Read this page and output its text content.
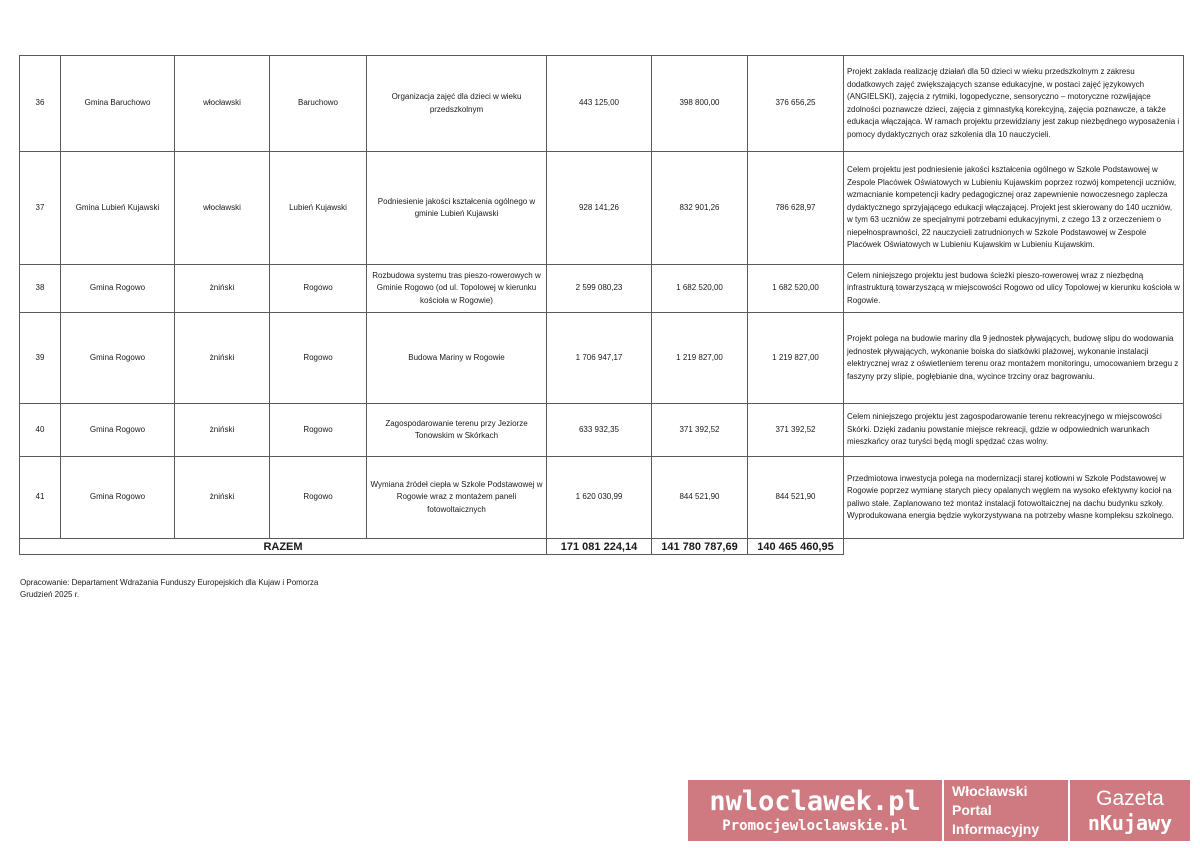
36	Gmina Baruchowo	włocławski	Baruchowo	Organizacja zajęć dla dzieci w wieku przedszkolnym	443 125,00	398 800,00	376 656,25	Projekt zakłada realizację działań dla 50 dzieci w wieku przedszkolnym z zakresu dodatkowych zajęć zwiększających szanse edukacyjne, w postaci zajęć językowych (ANGIELSKI), zajęcia z rytmiki, logopedyczne, sensoryczno – motoryczne rozwijające zdolności poznawcze dzieci, zajęcia z gimnastyką korekcyjną, zajęcia poznawcze, a także edukacja włączająca. W ramach projektu przewidziany jest zakup niezbędnego wyposażenia i pomocy dydaktycznych oraz szkolenia dla 10 nauczycieli.
37	Gmina Lubień Kujawski	włocławski	Lubień Kujawski	Podniesienie jakości kształcenia ogólnego w gminie Lubień Kujawski	928 141,26	832 901,26	786 628,97	Celem projektu jest podniesienie jakości kształcenia ogólnego w Szkole Podstawowej w Zespole Placówek Oświatowych w Lubieniu Kujawskim poprzez rozwój kompetencji uczniów, wzmacnianie kompetencji kadry pedagogicznej oraz zapewnienie nowoczesnego zaplecza dydaktycznego sprzyjającego edukacji włączającej. Projekt jest skierowany do 140 uczniów, w tym 63 uczniów ze specjalnymi potrzebami edukacyjnymi, z czego 13 z orzeczeniem o niepełnosprawności, 22 nauczycieli zatrudnionych w Szkole Podstawowej w Zespole Placówek Oświatowych w Lubieniu Kujawskim w Lubieniu Kujawskim.
38	Gmina Rogowo	żniński	Rogowo	Rozbudowa systemu tras pieszo-rowerowych w Gminie Rogowo (od ul. Topolowej w kierunku kościoła w Rogowie)	2 599 080,23	1 682 520,00	1 682 520,00	Celem niniejszego projektu jest budowa ścieżki pieszo-rowerowej wraz z niezbędną infrastrukturą towarzyszącą w miejscowości Rogowo od ulicy Topolowej w kierunku kościoła w Rogowie.
39	Gmina Rogowo	żniński	Rogowo	Budowa Mariny w Rogowie	1 706 947,17	1 219 827,00	1 219 827,00	Projekt polega na budowie mariny dla 9 jednostek pływających, budowę slipu do wodowania jednostek pływających, wykonanie boiska do siatkówki plażowej, wykonanie instalacji elektrycznej wraz z oświetleniem terenu oraz montażem monitoringu, umocowaniem brzegu z faszyny przy slipie, pogłębianie dna, wycince trzciny oraz bagrowaniu.
40	Gmina Rogowo	żniński	Rogowo	Zagospodarowanie terenu przy Jeziorze Tonowskim w Skórkach	633 932,35	371 392,52	371 392,52	Celem niniejszego projektu jest zagospodarowanie terenu rekreacyjnego w miejscowości Skórki. Dzięki zadaniu powstanie miejsce rekreacji, gdzie w odpowiednich warunkach mieszkańcy oraz turyści będą mogli spędzać czas wolny.
41	Gmina Rogowo	żniński	Rogowo	Wymiana źródeł ciepła w Szkole Podstawowej w Rogowie wraz z montażem paneli fotowoltaicznych	1 620 030,99	844 521,90	844 521,90	Przedmiotowa inwestycja polega na modernizacji starej kotłowni w Szkole Podstawowej w Rogowie poprzez wymianę starych piecy opalanych węglem na wysoko efektywny kocioł na paliwo stałe. Zaplanowano też montaż instalacji fotowoltaicznej na dachu budynku szkoły. Wyprodukowana energia będzie wykorzystywana na potrzeby własne kompleksu szkolnego.
RAZEM					171 081 224,14	141 780 787,69	140 465 460,95	
Opracowanie: Departament Wdrażania Funduszy Europejskich dla Kujaw i Pomorza
Grudzień 2025 r.
nwloclawek.pl
Promocjewloclawskie.pl
Włocławski
Portal
Informacyjny
Gazeta
nKujawy
